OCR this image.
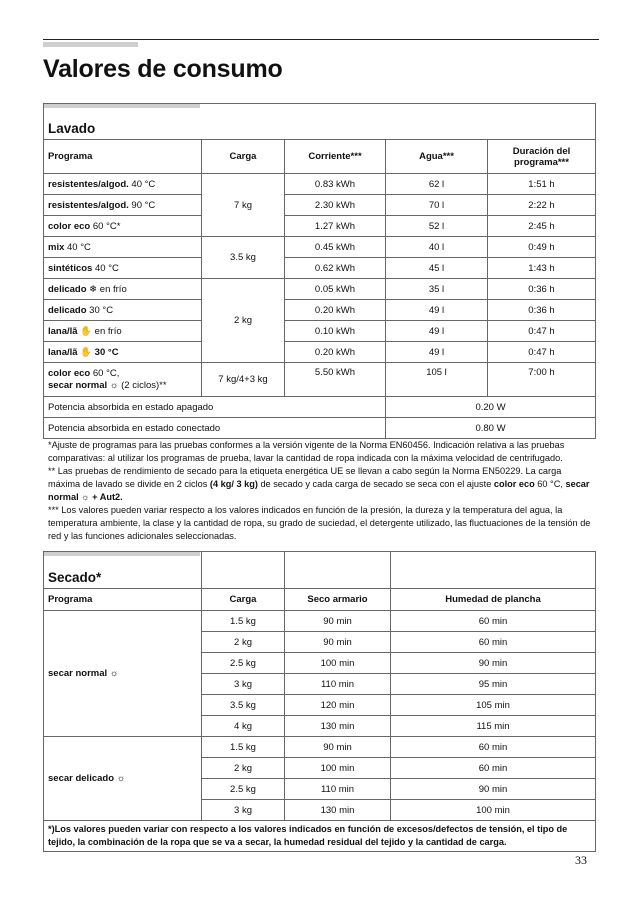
Valores de consumo
Lavado				
Programa	Carga	Corriente***	Agua***	Duración del programa***
resistentes/algod. 40 °C	7 kg	0.83 kWh	62 l	1:51 h
resistentes/algod. 90 °C		2.30 kWh	70 l	2:22 h
color eco 60 °C*		1.27 kWh	52 l	2:45 h
mix 40 °C	3.5 kg	0.45 kWh	40 l	0:49 h
sintéticos 40 °C		0.62 kWh	45 l	1:43 h
delicado ❄ en frío	2 kg	0.05 kWh	35 l	0:36 h
delicado 30 °C		0.20 kWh	49 l	0:36 h
lana/lã ✋ en frío		0.10 kWh	49 l	0:47 h
lana/lã ✋ 30 °C		0.20 kWh	49 l	0:47 h
color eco 60 °C,
secar normal ☼ (2 ciclos)**	7 kg/4+3 kg	5.50 kWh	105 l	7:00 h
Potencia absorbida en estado apagado			0.20 W	
Potencia absorbida en estado conectado			0.80 W	
*Ajuste de programas para las pruebas conformes a la versión vigente de la Norma EN60456. Indicación relativa a las pruebas comparativas: al utilizar los programas de prueba, lavar la cantidad de ropa indicada con la máxima velocidad de centrifugado.
** Las pruebas de rendimiento de secado para la etiqueta energética UE se llevan a cabo según la Norma EN50229. La carga máxima de lavado se divide en 2 ciclos (4 kg/ 3 kg) de secado y cada carga de secado se seca con el ajuste color eco 60 °C, secar normal ☼ + Aut2.
*** Los valores pueden variar respecto a los valores indicados en función de la presión, la dureza y la temperatura del agua, la temperatura ambiente, la clase y la cantidad de ropa, su grado de suciedad, el detergente utilizado, las fluctuaciones de la tensión de red y las funciones adicionales seleccionadas.
Secado*			
Programa	Carga	Seco armario	Humedad de plancha
secar normal ☼	1.5 kg	90 min	60 min
	2 kg	90 min	60 min
	2.5 kg	100 min	90 min
	3 kg	110 min	95 min
	3.5 kg	120 min	105 min
	4 kg	130 min	115 min
secar delicado ☼	1.5 kg	90 min	60 min
	2 kg	100 min	60 min
	2.5 kg	110 min	90 min
	3 kg	130 min	100 min
*)Los valores pueden variar con respecto a los valores indicados en función de excesos/defectos de tensión, el tipo de tejido, la combinación de la ropa que se va a secar, la humedad residual del tejido y la cantidad de carga.			
33
